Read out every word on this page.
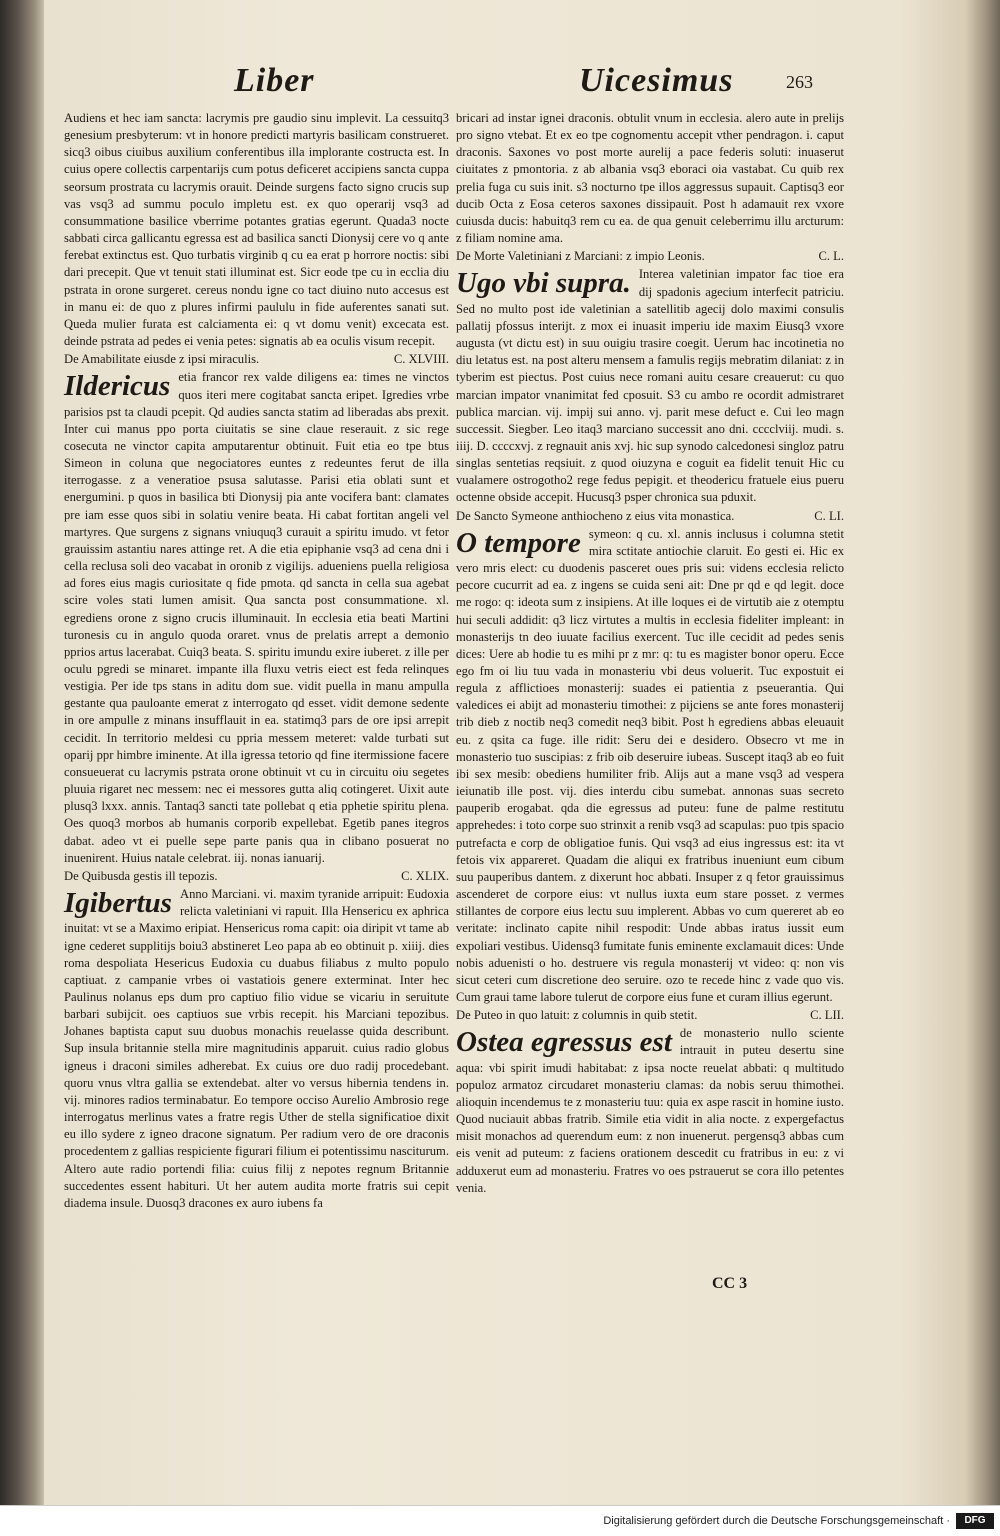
Liber	Uicesimus	263

Audiens et hec iam sancta: lacrymis pre gaudio sinu implevit. La cessuitq3 genesium presbyterum: vt in honore predicti martyris basilicam construeret. sicq3 oibus ciuibus auxilium conferentibus illa implorante costructa est. In cuius opere collectis carpentarijs cum potus deficeret accipiens sancta cuppa seorsum prostrata cu lacrymis orauit. Deinde surgens facto signo crucis sup vas vsq3 ad summu poculo impletu est. ex quo operarij vsq3 ad consummatione basilice vberrime potantes gratias egerunt. Quada3 nocte sabbati circa gallicantu egressa est ad basilica sancti Dionysij cere vo q ante ferebat extinctus est. Quo turbatis virginib q cu ea erat p horrore noctis: sibi dari precepit. Que vt tenuit stati illuminat est. Sicr eode tpe cu in ecclia diu pstrata in orone surgeret. cereus nondu igne co tact diuino nuto accesus est in manu ei: de quo z plures infirmi paululu in fide auferentes sanati sut. Queda mulier furata est calciamenta ei: q vt domu venit) excecata est. deinde pstrata ad pedes ei venia petes: signatis ab ea oculis visum recepit.

De Amabilitate eiusde z ipsi miraculis.	C. XLVIII.

Ildericus etia francor rex valde diligens ea: times ne vinctos quos iteri mere cogitabat sancta eripet. Igredies vrbe parisios pst ta claudi pcepit. Qd audies sancta statim ad liberadas abs prexit. Inter cui manus ppo porta ciuitatis se sine claue reserauit. z sic rege cosecuta ne vinctor capita amputarentur obtinuit. Fuit etia eo tpe btus Simeon in coluna que negociatores euntes z redeuntes ferut de illa iterrogasse. z a veneratioe psusa salutasse. Parisi etia oblati sunt et energumini. p quos in basilica bti Dionysij pia ante vocifera bant: clamates pre iam esse quos sibi in solatiu venire beata. Hi cabat fortitan angeli vel martyres. Que surgens z signans vniuquq3 curauit a spiritu imudo. vt fetor grauissim astantiu nares attinge ret. A die etia epiphanie vsq3 ad cena dni i cella reclusa soli deo vacabat in oronib z vigilijs. adueniens puella religiosa ad fores eius magis curiositate q fide pmota. qd sancta in cella sua agebat scire voles stati lumen amisit. Qua sancta post consummatione. xl. egrediens orone z signo crucis illuminauit. In ecclesia etia beati Martini turonesis cu in angulo quoda oraret. vnus de prelatis arrept a demonio pprios artus lacerabat. Cuiq3 beata. S. spiritu imundu exire iuberet. z ille per oculu pgredi se minaret. impante illa fluxu vetris eiect est feda relinques vestigia. Per ide tps stans in aditu dom sue. vidit puella in manu ampulla gestante qua pauloante emerat z interrogato qd esset. vidit demone sedente in ore ampulle z minans insufflauit in ea. statimq3 pars de ore ipsi arrepit cecidit. In territorio meldesi cu ppria messem meteret: valde turbati sut oparij ppr himbre iminente. At illa igressa tetorio qd fine itermissione facere consueuerat cu lacrymis pstrata orone obtinuit vt cu in circuitu oiu segetes pluuia rigaret nec messem: nec ei messores gutta aliq cotingeret. Uixit aute plusq3 lxxx. annis. Tantaq3 sancti tate pollebat q etia pphetie spiritu plena. Oes quoq3 morbos ab humanis corporib expellebat. Egetib panes itegros dabat. adeo vt ei puelle sepe parte panis qua in clibano posuerat no inuenirent. Huius natale celebrat. iij. nonas ianuarij.

De Quibusda gestis ill tepozis.	C. XLIX.

Igibertus Anno Marciani. vi. maxim tyranide arripuit: Eudoxia relicta valetiniani vi rapuit. Illa Hensericu ex aphrica inuitat: vt se a Maximo eripiat. Hensericus roma capit: oia diripit vt tame ab igne cederet supplitijs boiu3 abstineret Leo papa ab eo obtinuit p. xiiij. dies roma despoliata Hesericus Eudoxia cu duabus filiabus z multo populo captiuat. z campanie vrbes oi vastatiois genere exterminat. Inter hec Paulinus nolanus eps dum pro captiuo filio vidue se vicariu in seruitute barbari subijcit. oes captiuos sue vrbis recepit. his Marciani tepozibus. Johanes baptista caput suu duobus monachis reuelasse quida describunt. Sup insula britannie stella mire magnitudinis apparuit. cuius radio globus igneus i draconi similes adherebat. Ex cuius ore duo radij procedebant. quoru vnus vltra gallia se extendebat. alter vo versus hibernia tendens in. vij. minores radios terminabatur. Eo tempore occiso Aurelio Ambrosio rege interrogatus merlinus vates a fratre regis Uther de stella significatioe dixit eu illo sydere z igneo dracone signatum. Per radium vero de ore draconis procedentem z gallias respiciente figurari filium ei potentissimu nasciturum. Altero aute radio portendi filia: cuius filij z nepotes regnum Britannie succedentes essent habituri. Ut her autem audita morte fratris sui cepit diadema insule. Duosq3 dracones ex auro iubens fa

bricari ad instar ignei draconis. obtulit vnum in ecclesia. alero aute in prelijs pro signo vtebat. Et ex eo tpe cognomentu accepit vther pendragon. i. caput draconis. Saxones vo post morte aurelij a pace federis soluti: inuaserut ciuitates z pmontoria. z ab albania vsq3 eboraci oia vastabat. Cu quib rex prelia fuga cu suis init. s3 nocturno tpe illos aggressus supauit. Captisq3 eor ducib Octa z Eosa ceteros saxones dissipauit. Post h adamauit rex vxore cuiusda ducis: habuitq3 rem cu ea. de qua genuit celeberrimu illu arcturum: z filiam nomine ama.

De Morte Valetiniani z Marciani: z impio Leonis.	C. L.

Ugo vbi supra. Interea valetinian impator fac tioe era dij spadonis agecium interfecit patriciu. Sed no multo post ide valetinian a satellitib agecij dolo maximi consulis pallatij pfossus interijt. z mox ei inuasit imperiu ide maxim Eiusq3 vxore augusta (vt dictu est) in suu ouigiu trasire coegit. Uerum hac incotinetia no diu letatus est. na post alteru mensem a famulis regijs mebratim dilaniat: z in tyberim est piectus. Post cuius nece romani auitu cesare creauerut: cu quo marcian impator vnanimitat fed cposuit. S3 cu ambo re ocordit admistraret publica marcian. vij. impij sui anno. vj. parit mese defuct e. Cui leo magn successit. Siegber. Leo itaq3 marciano successit ano dni. cccclviij. mudi. s. iiij. D. ccccxvj. z regnauit anis xvj. hic sup synodo calcedonesi singloz patru singlas sentetias reqsiuit. z quod oiuzyna e coguit ea fidelit tenuit Hic cu vualamere ostrogotho2 rege fedus pepigit. et theodericu fratuele eius pueru octenne obside accepit. Hucusq3 psper chronica sua pduxit.

De Sancto Symeone anthiocheno z eius vita monastica.	C. LI.

O tempore symeon: q cu. xl. annis inclusus i columna stetit mira sctitate antiochie claruit. Eo gesti ei. Hic ex vero mris elect: cu duodenis pasceret oues pris sui: videns ecclesia relicto pecore cucurrit ad ea. z ingens se cuida seni ait: Dne pr qd e qd legit. doce me rogo: q: ideota sum z insipiens. At ille loques ei de virtutib aie z otemptu hui seculi addidit: q3 licz virtutes a multis in ecclesia fideliter impleant: in monasterijs tn deo iuuate facilius exercent. Tuc ille cecidit ad pedes senis dices: Uere ab hodie tu es mihi pr z mr: q: tu es magister bonor operu. Ecce ego fm oi liu tuu vada in monasteriu vbi deus voluerit. Tuc expostuit ei regula z afflictioes monasterij: suades ei patientia z pseuerantia. Qui valedices ei abijt ad monasteriu timothei: z pijciens se ante fores monasterij trib dieb z noctib neq3 comedit neq3 bibit. Post h egrediens abbas eleuauit eu. z qsita ca fuge. ille ridit: Seru dei e desidero. Obsecro vt me in monasterio tuo suscipias: z frib oib deseruire iubeas. Suscept itaq3 ab eo fuit ibi sex mesib: obediens humiliter frib. Alijs aut a mane vsq3 ad vespera ieiunatib ille post. vij. dies interdu cibu sumebat. annonas suas secreto pauperib erogabat. qda die egressus ad puteu: fune de palme restitutu apprehedes: i toto corpe suo strinxit a renib vsq3 ad scapulas: puo tpis spacio putrefacta e corp de obligatioe funis. Qui vsq3 ad eius ingressus est: ita vt fetois vix appareret. Quadam die aliqui ex fratribus inueniunt eum cibum suu pauperibus dantem. z dixerunt hoc abbati. Insuper z q fetor grauissimus ascenderet de corpore eius: vt nullus iuxta eum stare posset. z vermes stillantes de corpore eius lectu suu implerent. Abbas vo cum quereret ab eo veritate: inclinato capite nihil respodit: Unde abbas iratus iussit eum expoliari vestibus. Uidensq3 fumitate funis eminente exclamauit dices: Unde nobis aduenisti o ho. destruere vis regula monasterij vt video: q: non vis sicut ceteri cum discretione deo seruire. ozo te recede hinc z vade quo vis. Cum graui tame labore tulerut de corpore eius fune et curam illius egerunt.

De Puteo in quo latuit: z columnis in quib stetit.	C. LII.

Ostea egressus est de monasterio nullo sciente intrauit in puteu desertu sine aqua: vbi spirit imudi habitabat: z ipsa nocte reuelat abbati: q multitudo populoz armatoz circudaret monasteriu clamas: da nobis seruu thimothei. alioquin incendemus te z monasteriu tuu: quia ex aspe rascit in homine iusto. Quod nuciauit abbas fratrib. Simile etia vidit in alia nocte. z expergefactus misit monachos ad querendum eum: z non inuenerut. pergensq3 abbas cum eis venit ad puteum: z faciens orationem descedit cu fratribus in eu: z vi adduxerut eum ad monasteriu. Fratres vo oes pstrauerut se cora illo petentes venia.

CC 3
Digitalisierung gefördert durch die Deutsche Forschungsgemeinschaft ·	DFG
